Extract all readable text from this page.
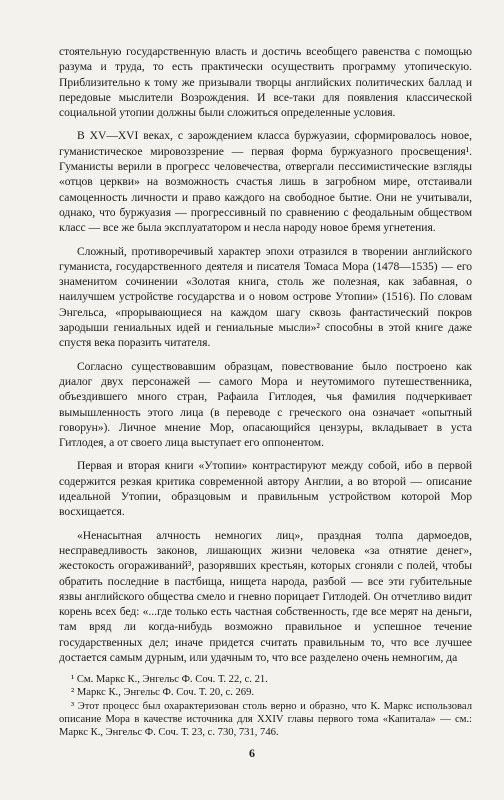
стоятельную государственную власть и достичь всеобщего равенства с помощью разума и труда, то есть практически осуществить программу утопическую. Приблизительно к тому же призывали творцы английских политических баллад и передовые мыслители Возрождения. И все-таки для появления классической социальной утопии должны были сложиться определенные условия.

В XV—XVI веках, с зарождением класса буржуазии, сформировалось новое, гуманистическое мировоззрение — первая форма буржуазного просвещения¹. Гуманисты верили в прогресс человечества, отвергали пессимистические взгляды «отцов церкви» на возможность счастья лишь в загробном мире, отстаивали самоценность личности и право каждого на свободное бытие. Они не учитывали, однако, что буржуазия — прогрессивный по сравнению с феодальным обществом класс — все же была эксплуататором и несла народу новое бремя угнетения.

Сложный, противоречивый характер эпохи отразился в творении английского гуманиста, государственного деятеля и писателя Томаса Мора (1478—1535) — его знаменитом сочинении «Золотая книга, столь же полезная, как забавная, о наилучшем устройстве государства и о новом острове Утопии» (1516). По словам Энгельса, «прорывающиеся на каждом шагу сквозь фантастический покров зародыши гениальных идей и гениальные мысли»² способны в этой книге даже спустя века поразить читателя.

Согласно существовавшим образцам, повествование было построено как диалог двух персонажей — самого Мора и неутомимого путешественника, объездившего много стран, Рафаила Гитлодея, чья фамилия подчеркивает вымышленность этого лица (в переводе с греческого она означает «опытный говорун»). Личное мнение Мор, опасающийся цензуры, вкладывает в уста Гитлодея, а от своего лица выступает его оппонентом.

Первая и вторая книги «Утопии» контрастируют между собой, ибо в первой содержится резкая критика современной автору Англии, а во второй — описание идеальной Утопии, образцовым и правильным устройством которой Мор восхищается.

«Ненасытная алчность немногих лиц», праздная толпа дармоедов, несправедливость законов, лишающих жизни человека «за отнятие денег», жестокость огораживаний³, разорявших крестьян, которых сгоняли с полей, чтобы обратить последние в пастбища, нищета народа, разбой — все эти губительные язвы английского общества смело и гневно порицает Гитлодей. Он отчетливо видит корень всех бед: «...где только есть частная собственность, где все мерят на деньги, там вряд ли когда-нибудь возможно правильное и успешное течение государственных дел; иначе придется считать правильным то, что все лучшее достается самым дурным, или удачным то, что все разделено очень немногим, да

¹ См. Маркс К., Энгельс Ф. Соч. Т. 22, с. 21.

² Маркс К., Энгельс Ф. Соч. Т. 20, с. 269.

³ Этот процесс был охарактеризован столь верно и образно, что К. Маркс использовал описание Мора в качестве источника для XXIV главы первого тома «Капитала» — см.: Маркс К., Энгельс Ф. Соч. Т. 23, с. 730, 731, 746.

6
